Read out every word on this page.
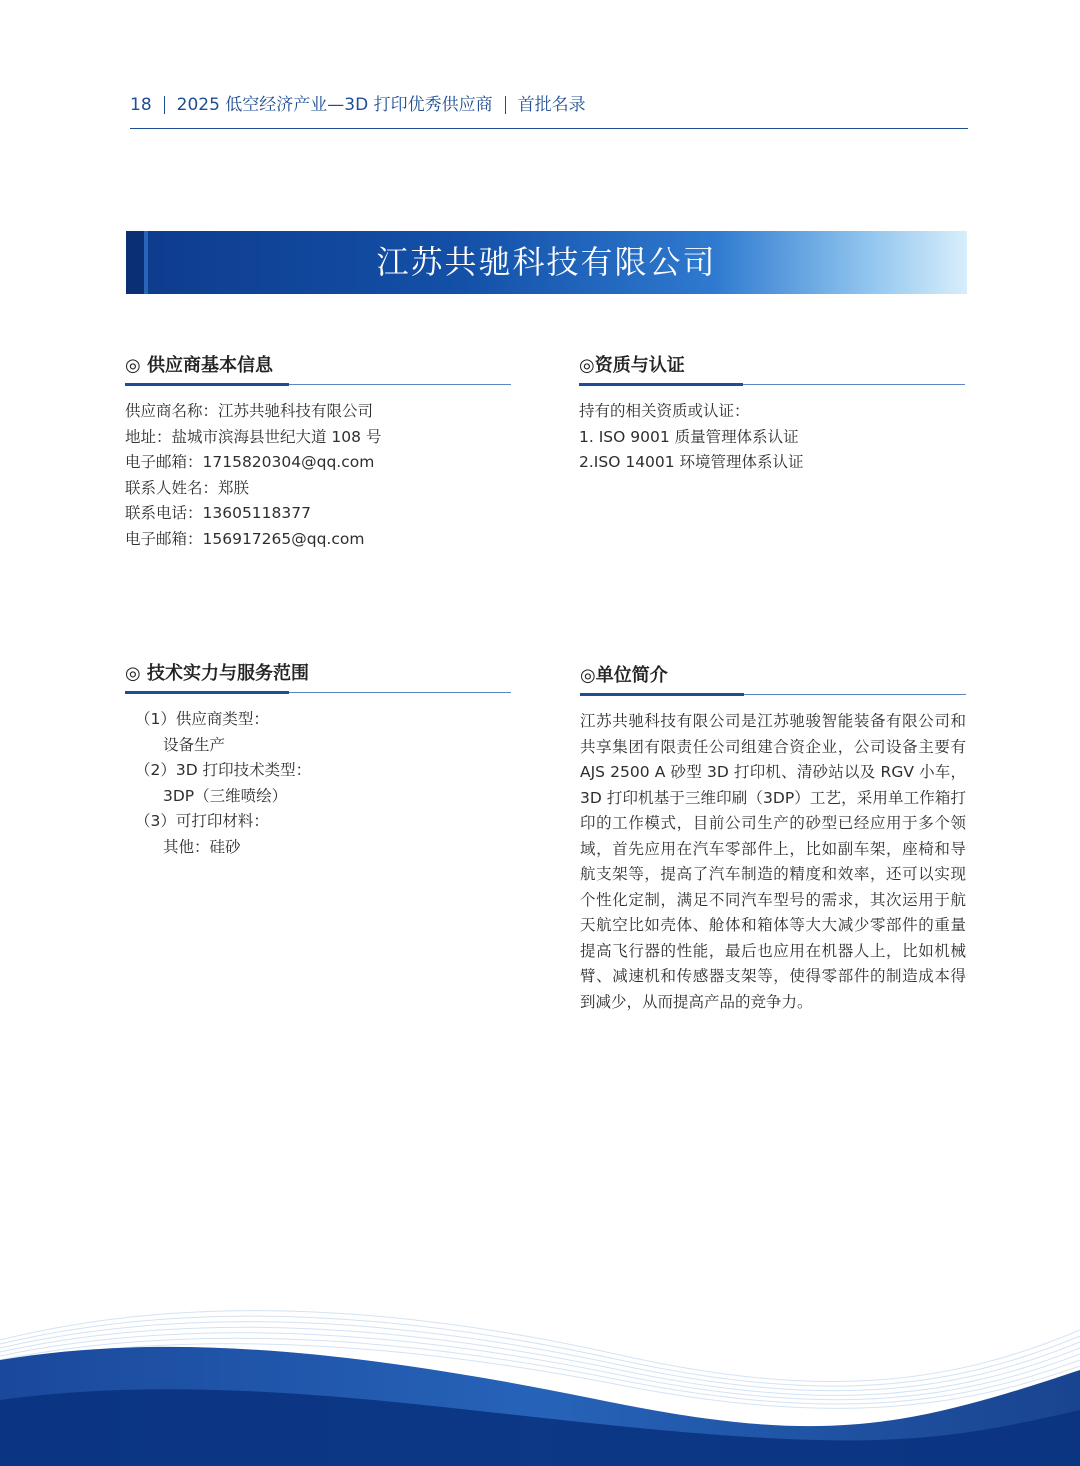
18 2025 低空经济产业—3D 打印优秀供应商 首批名录
江苏共驰科技有限公司
◎ 供应商基本信息
供应商名称：江苏共驰科技有限公司
地址：盐城市滨海县世纪大道 108 号
电子邮箱：1715820304@qq.com
联系人姓名：郑朕
联系电话：13605118377
电子邮箱：156917265@qq.com
◎资质与认证
持有的相关资质或认证：
1. ISO 9001 质量管理体系认证
2.ISO 14001 环境管理体系认证
◎ 技术实力与服务范围
（1）供应商类型：
设备生产
（2）3D 打印技术类型：
3DP（三维喷绘）
（3）可打印材料：
其他：硅砂
◎单位简介
江苏共驰科技有限公司是江苏驰骏智能装备有限公司和共享集团有限责任公司组建合资企业，公司设备主要有 AJS 2500 A 砂型 3D 打印机、清砂站以及 RGV 小车，3D 打印机基于三维印刷（3DP）工艺，采用单工作箱打印的工作模式，目前公司生产的砂型已经应用于多个领域，首先应用在汽车零部件上，比如副车架，座椅和导航支架等，提高了汽车制造的精度和效率，还可以实现个性化定制，满足不同汽车型号的需求，其次运用于航天航空比如壳体、舱体和箱体等大大减少零部件的重量提高飞行器的性能，最后也应用在机器人上，比如机械臂、减速机和传感器支架等，使得零部件的制造成本得到减少，从而提高产品的竞争力。
